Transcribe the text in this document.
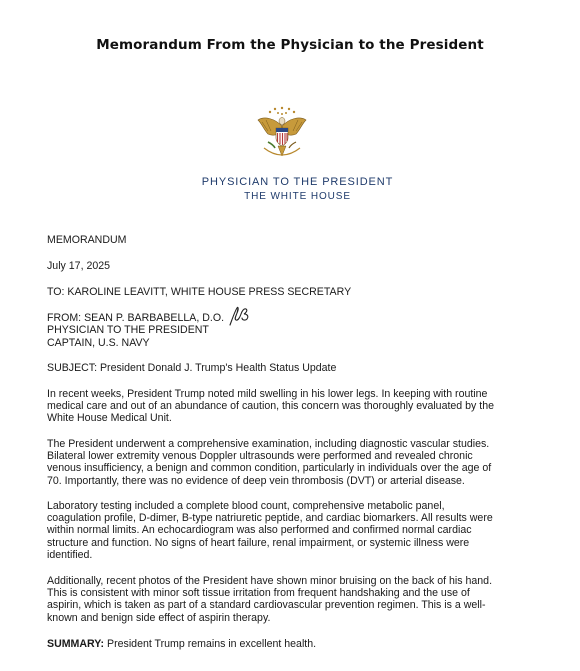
Memorandum From the Physician to the President
PHYSICIAN TO THE PRESIDENT
THE WHITE HOUSE
MEMORANDUM
July 17, 2025
TO: KAROLINE LEAVITT, WHITE HOUSE PRESS SECRETARY

FROM: SEAN P. BARBABELLA, D.O.

PHYSICIAN TO THE PRESIDENT

CAPTAIN, U.S. NAVY

SUBJECT: President Donald J. Trump's Health Status Update

In recent weeks, President Trump noted mild swelling in his lower legs. In keeping with routine

medical care and out of an abundance of caution, this concern was thoroughly evaluated by the

White House Medical Unit.

The President underwent a comprehensive examination, including diagnostic vascular studies.

Bilateral lower extremity venous Doppler ultrasounds were performed and revealed chronic

venous insufficiency, a benign and common condition, particularly in individuals over the age of

70. Importantly, there was no evidence of deep vein thrombosis (DVT) or arterial disease.

Laboratory testing included a complete blood count, comprehensive metabolic panel,

coagulation profile, D-dimer, B-type natriuretic peptide, and cardiac biomarkers. All results were

within normal limits. An echocardiogram was also performed and confirmed normal cardiac

structure and function. No signs of heart failure, renal impairment, or systemic illness were

identified.

Additionally, recent photos of the President have shown minor bruising on the back of his hand.

This is consistent with minor soft tissue irritation from frequent handshaking and the use of

aspirin, which is taken as part of a standard cardiovascular prevention regimen. This is a well-

known and benign side effect of aspirin therapy.

SUMMARY: President Trump remains in excellent health.
